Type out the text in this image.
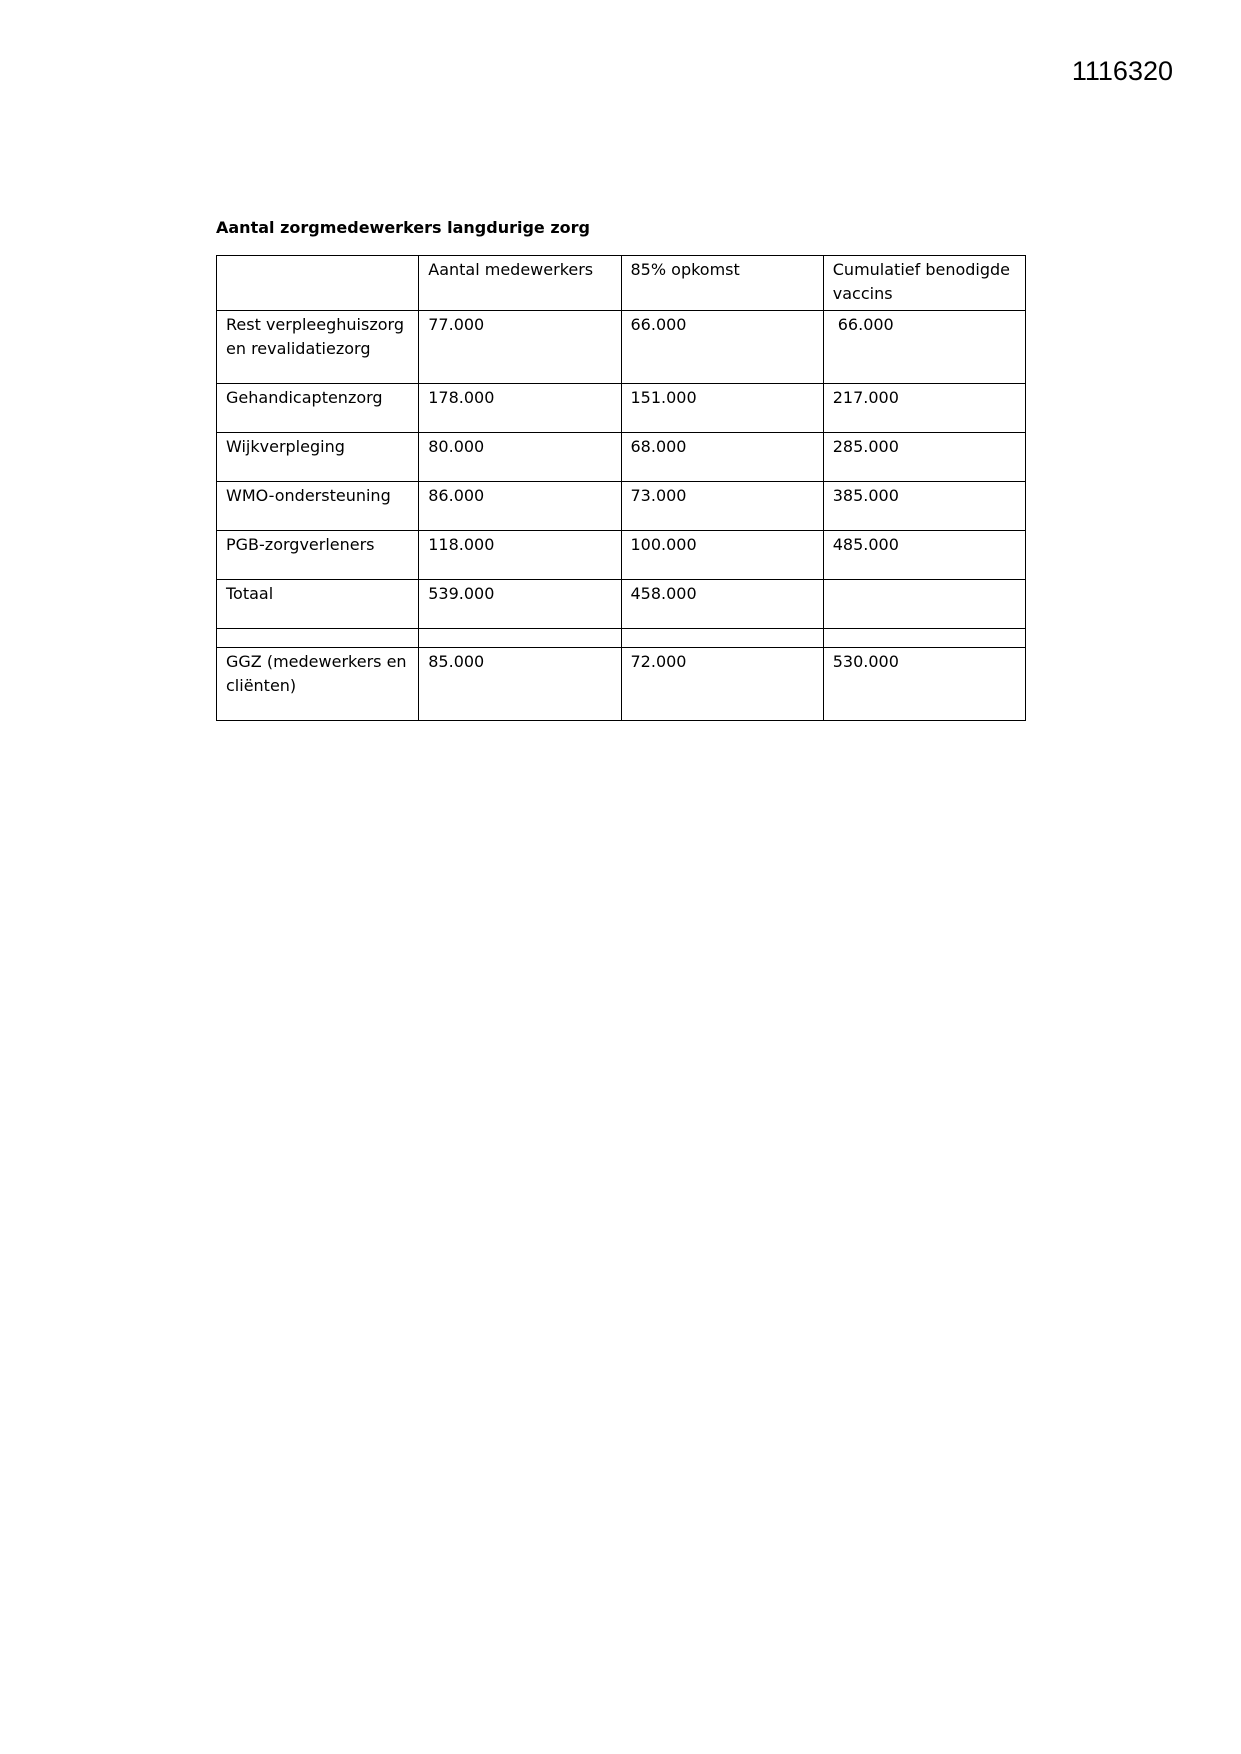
1116320
Aantal zorgmedewerkers langdurige zorg
	Aantal medewerkers	85% opkomst	Cumulatief benodigde vaccins
Rest verpleeghuiszorg en revalidatiezorg	77.000	66.000	66.000
Gehandicaptenzorg	178.000	151.000	217.000
Wijkverpleging	80.000	68.000	285.000
WMO-ondersteuning	86.000	73.000	385.000
PGB-zorgverleners	118.000	100.000	485.000
Totaal	539.000	458.000	

GGZ (medewerkers en cliënten)	85.000	72.000	530.000
